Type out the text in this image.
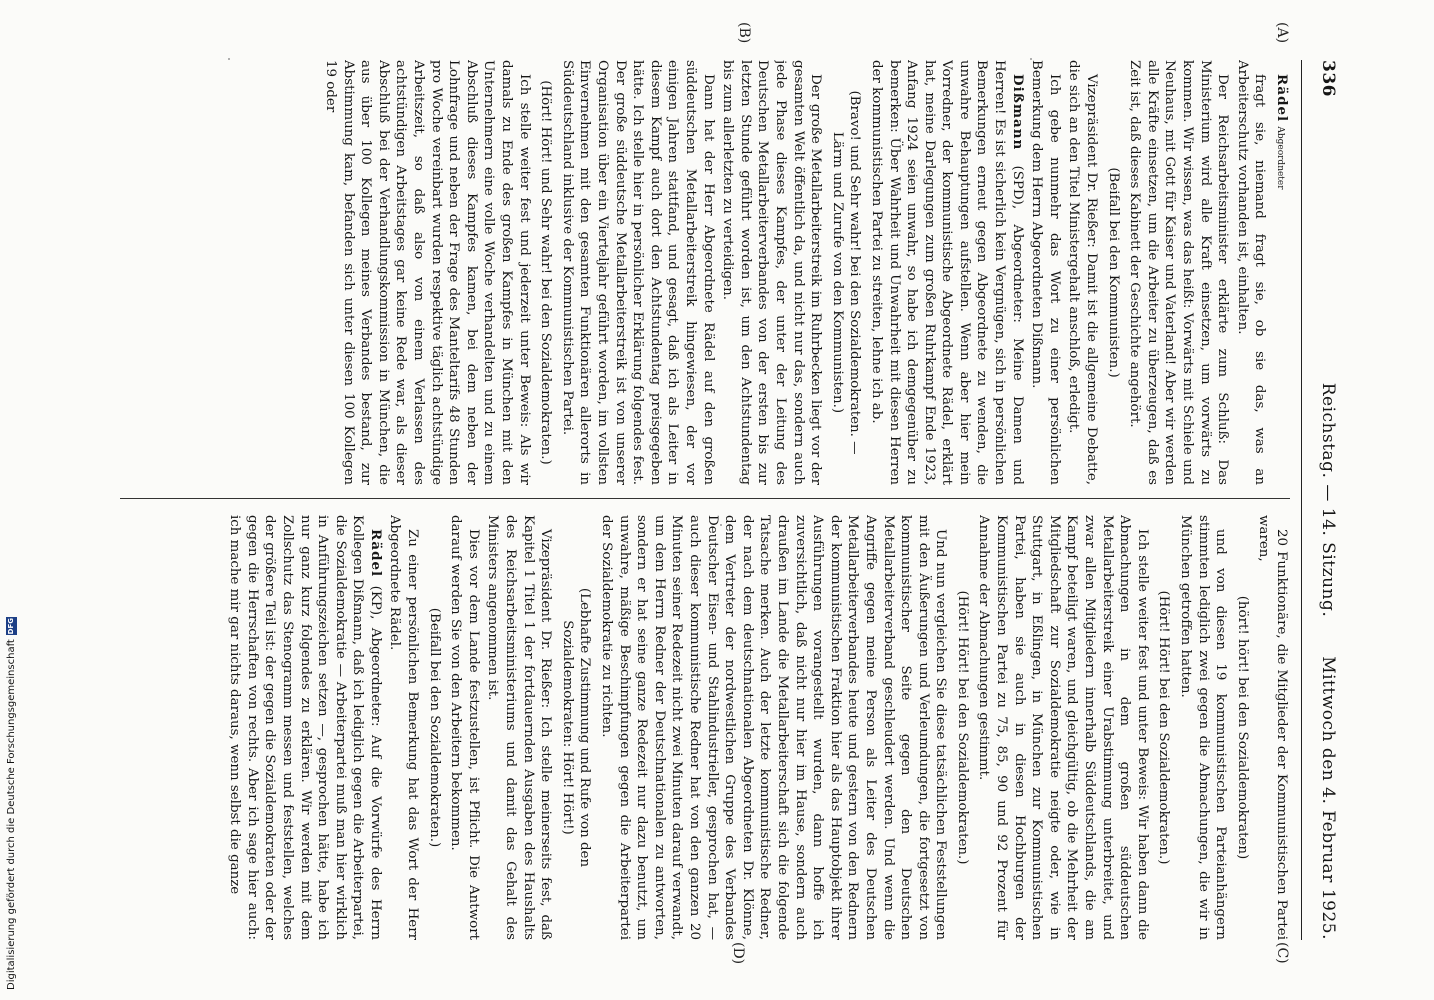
336
Reichstag. — 14. Sitzung.
Mittwoch den 4. Februar 1925.
(A)
(B)
(C)
(D)

Rädel Abgeordneter

fragt sie, niemand fragt sie, ob sie das, was an Arbeiterschutz vorhanden ist, einhalten.

Der Reichsarbeitsminister erklärte zum Schluß: Das Ministerium wird alle Kraft einsetzen, um vorwärts zu kommen. Wir wissen, was das heißt: Vorwärts mit Schiele und Neuhaus, mit Gott für Kaiser und Vaterland! Aber wir werden alle Kräfte einsetzen, um die Arbeiter zu überzeugen, daß es Zeit ist, daß dieses Kabinett der Geschichte angehört.

(Beifall bei den Kommunisten.)

Vizepräsident Dr. Rießer: Damit ist die allgemeine Debatte, die sich an den Titel Ministergehalt anschloß, erledigt.

Ich gebe nunmehr das Wort zu einer persönlichen Bemerkung dem Herrn Abgeordneten Dißmann.

Dißmann (SPD), Abgeordneter: Meine Damen und Herren! Es ist sicherlich kein Vergnügen, sich in persönlichen Bemerkungen erneut gegen Abgeordnete zu wenden, die unwahre Behauptungen aufstellen. Wenn aber hier mein Vorredner, der kommunistische Abgeordnete Rädel, erklärt hat, meine Darlegungen zum großen Ruhrkampf Ende 1923, Anfang 1924 seien unwahr, so habe ich demgegenüber zu bemerken: Über Wahrheit und Unwahrheit mit diesen Herren der kommunistischen Partei zu streiten, lehne ich ab.

(Bravo! und Sehr wahr! bei den Sozialdemokraten. — Lärm und Zurufe von den Kommunisten.)

Der große Metallarbeiterstreik im Ruhrbecken liegt vor der gesamten Welt öffentlich da, und nicht nur das, sondern auch jede Phase dieses Kampfes, der unter der Leitung des Deutschen Metallarbeiterverbandes von der ersten bis zur letzten Stunde geführt worden ist, um den Achtstundentag bis zum allerletzten zu verteidigen.

Dann hat der Herr Abgeordnete Rädel auf den großen süddeutschen Metallarbeiterstreik hingewiesen, der vor einigen Jahren stattfand, und gesagt, daß ich als Leiter in diesem Kampf auch dort den Achtstundentag preisgegeben hätte. Ich stelle hier in persönlicher Erklärung folgendes fest. Der große süddeutsche Metallarbeiterstreik ist von unserer Organisation über ein Vierteljahr geführt worden, im vollsten Einvernehmen mit den gesamten Funktionären allerorts in Süddeutschland inklusive der Kommunistischen Partei.

(Hört! Hört! und Sehr wahr! bei den Sozialdemokraten.)

Ich stelle weiter fest und jederzeit unter Beweis: Als wir damals zu Ende des großen Kampfes in München mit den Unternehmern eine volle Woche verhandelten und zu einem Abschluß dieses Kampfes kamen, bei dem neben der Lohnfrage und neben der Frage des Manteltarifs 48 Stunden pro Woche vereinbart wurden respektive täglich achtstündige Arbeitszeit, so daß also von einem Verlassen des achtstündigen Arbeitstages gar keine Rede war, als dieser Abschluß bei der Verhandlungskommission in München, die aus über 100 Kollegen meines Verbandes bestand, zur Abstimmung kam, befanden sich unter diesen 100 Kollegen 19 oder

20 Funktionäre, die Mitglieder der Kommunistischen Partei waren,

(hört! hört! bei den Sozialdemokraten)

und von diesen 19 kommunistischen Parteianhängern stimmten lediglich zwei gegen die Abmachungen, die wir in München getroffen hatten.

(Hört! Hört! bei den Sozialdemokraten.)

Ich stelle weiter fest und unter Beweis: Wir haben dann die Abmachungen in dem großen süddeutschen Metallarbeiterstreik einer Urabstimmung unterbreitet, und zwar allen Mitgliedern innerhalb Süddeutschlands, die am Kampf beteiligt waren, und gleichgültig, ob die Mehrheit der Mitgliedschaft zur Sozialdemokratie neigte oder, wie in Stuttgart, in Eßlingen, in München zur Kommunistischen Partei, haben sie auch in diesen Hochburgen der Kommunistischen Partei zu 75, 85, 90 und 92 Prozent für Annahme der Abmachungen gestimmt.

(Hört! Hört! bei den Sozialdemokraten.)

Und nun vergleichen Sie diese tatsächlichen Feststellungen mit den Äußerungen und Verleumdungen, die fortgesetzt von kommunistischer Seite gegen den Deutschen Metallarbeiterverband geschleudert werden. Und wenn die Angriffe gegen meine Person als Leiter des Deutschen Metallarbeiterverbandes heute und gestern von den Rednern der kommunistischen Fraktion hier als das Hauptobjekt ihrer Ausführungen vorangestellt wurden, dann hoffe ich zuversichtlich, daß nicht nur hier im Hause, sondern auch draußen im Lande die Metallarbeiterschaft sich die folgende Tatsache merken. Auch der letzte kommunistische Redner, der nach dem deutschnationalen Abgeordneten Dr. Klönne, dem Vertreter der nordwestlichen Gruppe des Verbandes Deutscher Eisen- und Stahlindustrieller, gesprochen hat, — auch dieser kommunistische Redner hat von den ganzen 20 Minuten seiner Redezeit nicht zwei Minuten darauf verwandt, um dem Herrn Redner der Deutschnationalen zu antworten, sondern er hat seine ganze Redezeit nur dazu benutzt, um unwahre, mäßige Beschimpfungen gegen die Arbeiterpartei der Sozialdemokratie zu richten.

(Lebhafte Zustimmung und Rufe von den Sozialdemokraten: Hört! Hört!)

Vizepräsident Dr. Rießer: Ich stelle meinerseits fest, daß Kapitel 1 Titel 1 der fortdauernden Ausgaben des Haushalts des Reichsarbeitsministeriums und damit das Gehalt des Ministers angenommen ist.

Dies vor dem Lande festzustellen, ist Pflicht. Die Antwort darauf werden Sie von den Arbeitern bekommen.

(Beifall bei den Sozialdemokraten.)

Zu einer persönlichen Bemerkung hat das Wort der Herr Abgeordnete Rädel.

Rädel (KP), Abgeordneter: Auf die Vorwürfe des Herrn Kollegen Dißmann, daß ich lediglich gegen die Arbeiterpartei, die Sozialdemokratie — Arbeiterpartei muß man hier wirklich in Anführungszeichen setzen —, gesprochen hätte, habe ich nur ganz kurz folgendes zu erklären. Wir werden mit dem Zollschutz das Stenogramm messen und feststellen, welches der größere Teil ist: der gegen die Sozialdemokraten oder der gegen die Herrschaften von rechts. Aber ich sage hier auch: ich mache mir gar nichts daraus, wenn selbst die ganze

Digitalisierung gefördert durch die Deutsche Forschungsgemeinschaft
DFG
